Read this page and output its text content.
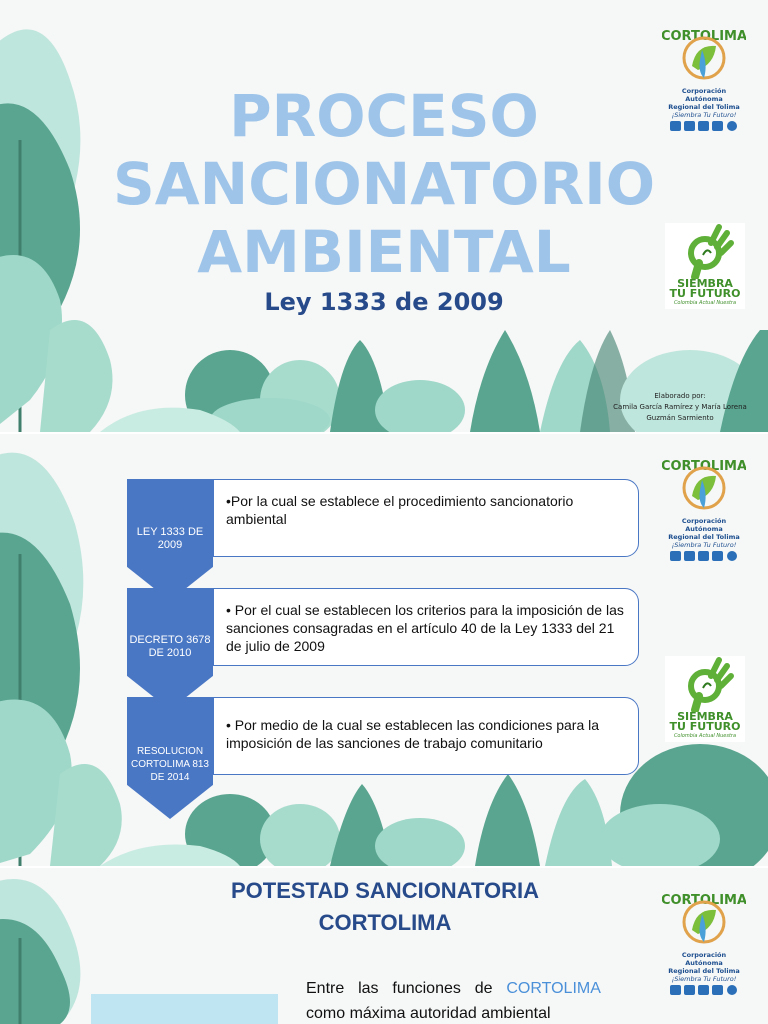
PROCESO
SANCIONATORIO
AMBIENTAL
Ley 1333 de 2009
Elaborado por:
Camila García Ramírez y María Lorena
Guzmán Sarmiento
CORTOLIMA
Corporación Autónoma
Regional del Tolima
¡Siembra Tu Futuro!
SIEMBRA
TU FUTURO
Colombia Actual Nuestra
LEY 1333 DE 2009
•Por la cual se establece el procedimiento sancionatorio ambiental
DECRETO 3678 DE 2010
• Por el cual se establecen los criterios para la imposición de las sanciones consagradas en el artículo 40 de la Ley 1333 del 21 de julio de 2009
RESOLUCION CORTOLIMA 813 DE 2014
• Por medio de la cual se establecen las condiciones para la imposición de las sanciones de trabajo comunitario
CORTOLIMA
Corporación Autónoma
Regional del Tolima
¡Siembra Tu Futuro!
SIEMBRA
TU FUTURO
Colombia Actual Nuestra
POTESTAD SANCIONATORIA
CORTOLIMA
Entre las funciones de CORTOLIMA como máxima autoridad ambiental
CORTOLIMA
Corporación Autónoma
Regional del Tolima
¡Siembra Tu Futuro!
